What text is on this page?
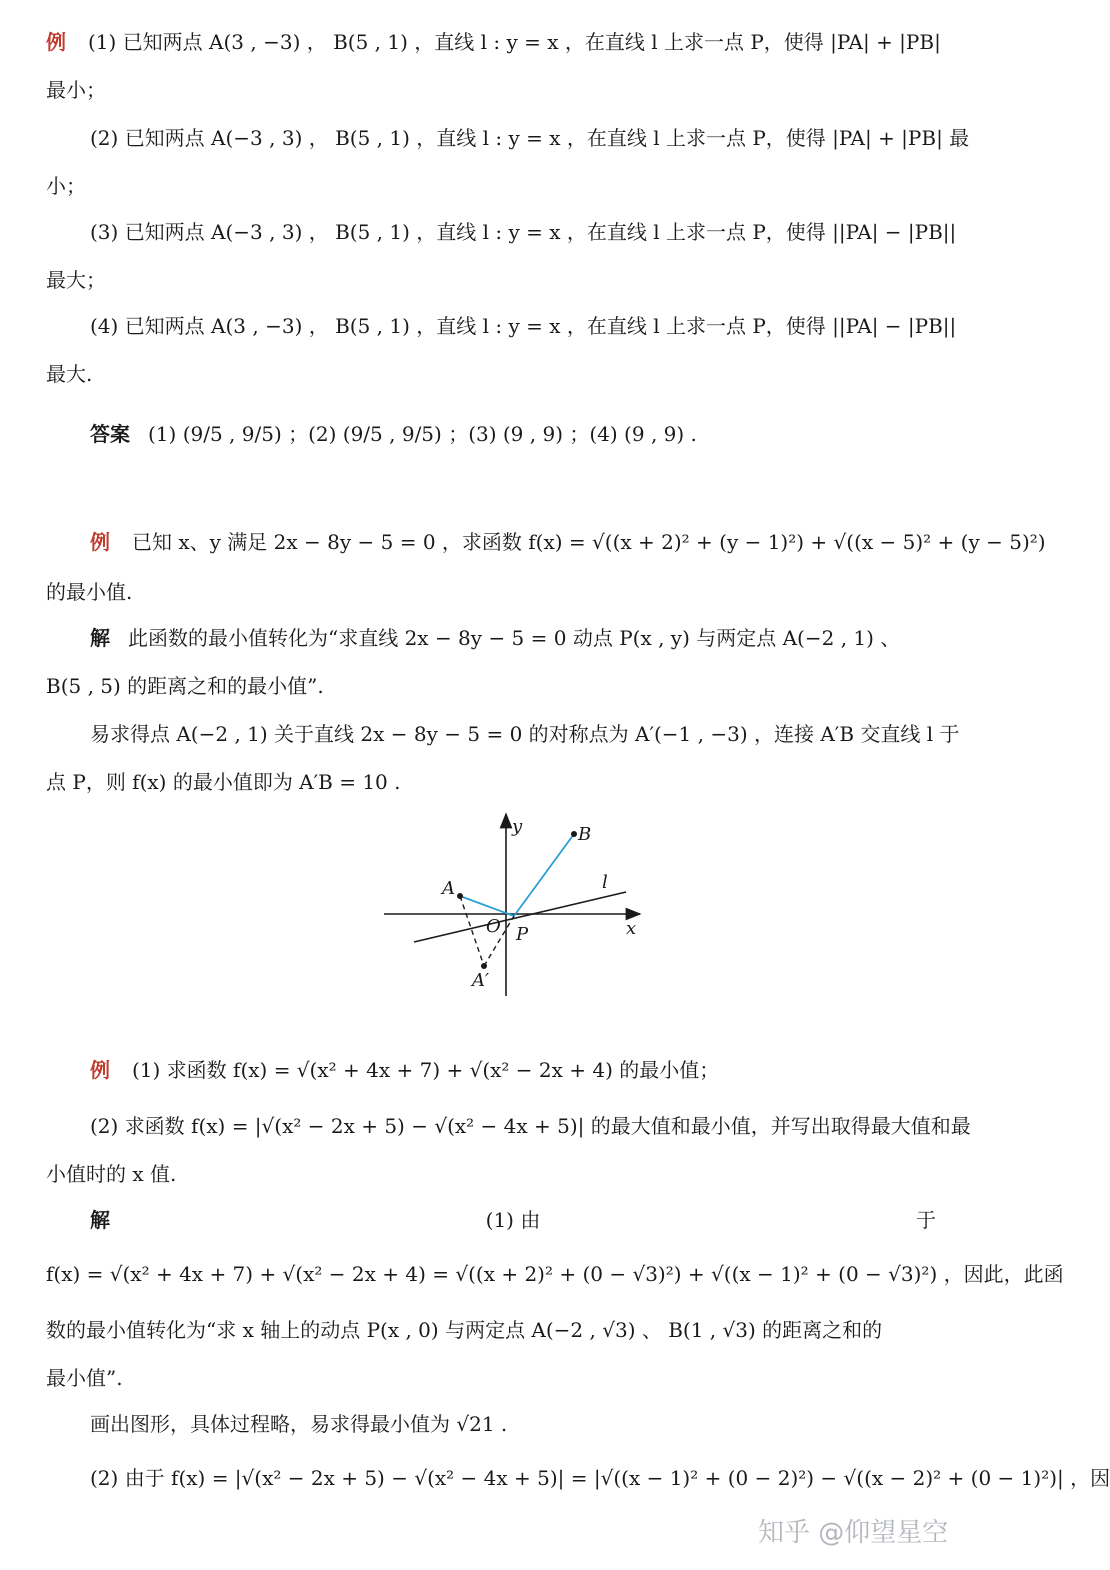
例 (1) 已知两点 A(3 , −3) ， B(5 , 1) ，直线 l : y = x ，在直线 l 上求一点 P，使得 |PA| + |PB|
最小；
(2) 已知两点 A(−3 , 3) ， B(5 , 1) ，直线 l : y = x ，在直线 l 上求一点 P，使得 |PA| + |PB| 最
小；
(3) 已知两点 A(−3 , 3) ， B(5 , 1) ，直线 l : y = x ，在直线 l 上求一点 P，使得 ||PA| − |PB||
最大；
(4) 已知两点 A(3 , −3) ， B(5 , 1) ，直线 l : y = x ，在直线 l 上求一点 P，使得 ||PA| − |PB||
最大.
答案 (1) (9/5 , 9/5) ；(2) (9/5 , 9/5) ；(3) (9 , 9) ；(4) (9 , 9) .
例 已知 x、y 满足 2x − 8y − 5 = 0 ，求函数 f(x) = √((x + 2)² + (y − 1)²) + √((x − 5)² + (y − 5)²)
的最小值.
解 此函数的最小值转化为“求直线 2x − 8y − 5 = 0 动点 P(x , y) 与两定点 A(−2 , 1) 、
B(5 , 5) 的距离之和的最小值”.
易求得点 A(−2 , 1) 关于直线 2x − 8y − 5 = 0 的对称点为 A′(−1 , −3) ，连接 A′B 交直线 l 于
点 P，则 f(x) 的最小值即为 A′B = 10 .
y
x
B
A	l
O P
A′
例 (1) 求函数 f(x) = √(x² + 4x + 7) + √(x² − 2x + 4) 的最小值；
(2) 求函数 f(x) = |√(x² − 2x + 5) − √(x² − 4x + 5)| 的最大值和最小值，并写出取得最大值和最
小值时的 x 值.
解	(1) 由	于
f(x) = √(x² + 4x + 7) + √(x² − 2x + 4) = √((x + 2)² + (0 − √3)²) + √((x − 1)² + (0 − √3)²) ，因此，此函
数的最小值转化为“求 x 轴上的动点 P(x , 0) 与两定点 A(−2 , √3) 、 B(1 , √3) 的距离之和的
最小值”.
画出图形，具体过程略，易求得最小值为 √21 .
(2) 由于 f(x) = |√(x² − 2x + 5) − √(x² − 4x + 5)| = |√((x − 1)² + (0 − 2)²) − √((x − 2)² + (0 − 1)²)| ，因
知乎 @仰望星空
